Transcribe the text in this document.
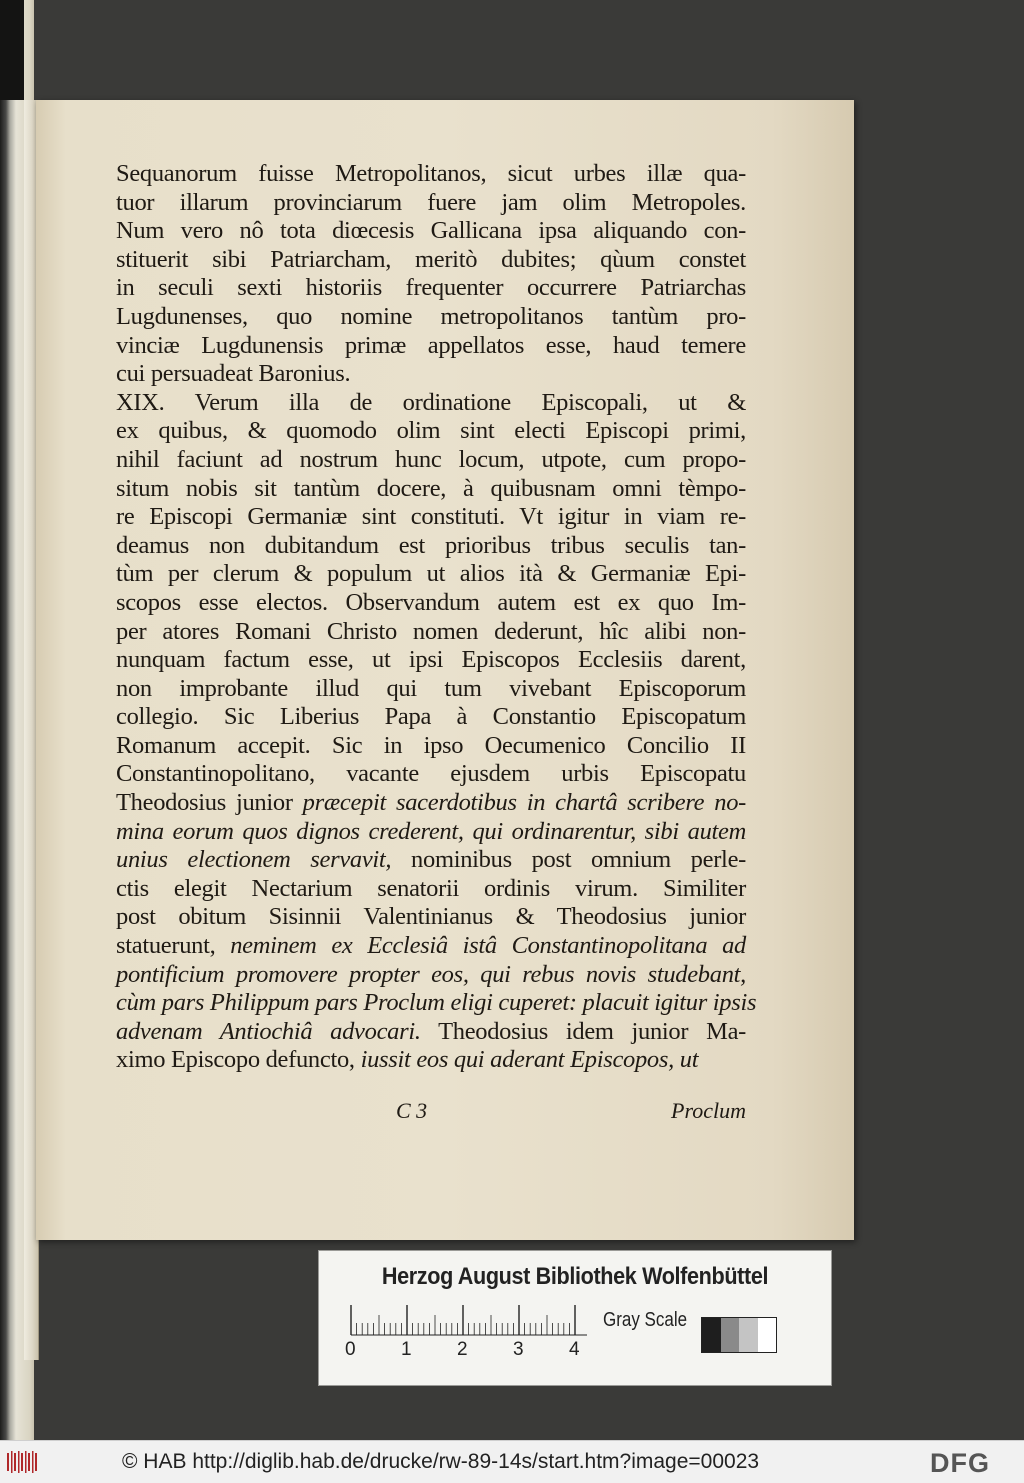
Sequanorum fuisse Metropolitanos, sicut urbes illæ qua-
tuor illarum provinciarum fuere jam olim Metropoles.
Num vero nô tota diœcesis Gallicana ipsa aliquando con-
stituerit sibi Patriarcham, meritò dubites; qùum constet
in seculi sexti historiis frequenter occurrere Patriarchas
Lugdunenses, quo nomine metropolitanos tantùm pro-
vinciæ Lugdunensis primæ appellatos esse, haud temere
cui persuadeat Baronius.
XIX. Verum illa de ordinatione Episcopali, ut &
ex quibus, & quomodo olim sint electi Episcopi primi,
nihil faciunt ad nostrum hunc locum, utpote, cum propo-
situm nobis sit tantùm docere, à quibusnam omni tèmpo-
re Episcopi Germaniæ sint constituti. Vt igitur in viam re-
deamus non dubitandum est prioribus tribus seculis tan-
tùm per clerum & populum ut alios ità & Germaniæ Epi-
scopos esse electos. Observandum autem est ex quo Im-
per atores Romani Christo nomen dederunt, hîc alibi non-
nunquam factum esse, ut ipsi Episcopos Ecclesiis darent,
non improbante illud qui tum vivebant Episcoporum
collegio. Sic Liberius Papa à Constantio Episcopatum
Romanum accepit. Sic in ipso Oecumenico Concilio II
Constantinopolitano, vacante ejusdem urbis Episcopatu
Theodosius junior præcepit sacerdotibus in chartâ scribere no-
mina eorum quos dignos crederent, qui ordinarentur, sibi autem
unius electionem servavit, nominibus post omnium perle-
ctis elegit Nectarium senatorii ordinis virum. Similiter
post obitum Sisinnii Valentinianus & Theodosius junior
statuerunt, neminem ex Ecclesiâ istâ Constantinopolitana ad
pontificium promovere propter eos, qui rebus novis studebant,
cùm pars Philippum pars Proclum eligi cuperet: placuit igitur ipsis
advenam Antiochiâ advocari. Theodosius idem junior Ma-
ximo Episcopo defuncto, iussit eos qui aderant Episcopos, ut
C 3	Proclum
Herzog August Bibliothek Wolfenbüttel
0 1 2 3 4
Gray Scale
© HAB http://diglib.hab.de/drucke/rw-89-14s/start.htm?image=00023	DFG
